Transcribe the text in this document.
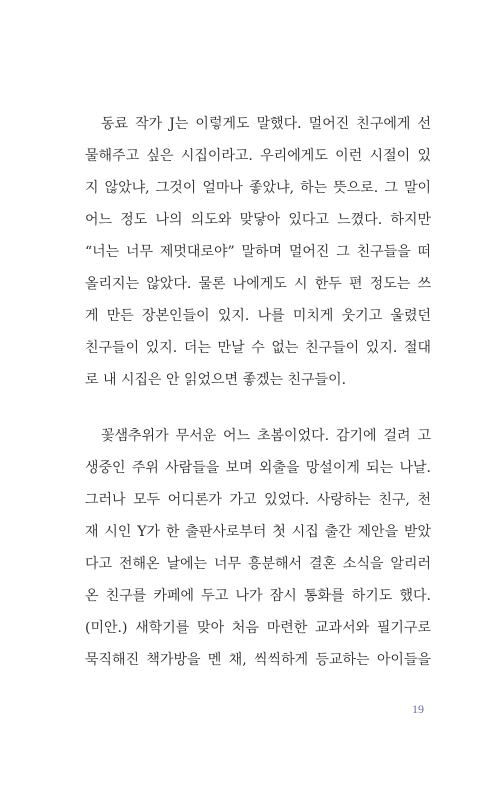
동료 작가 J는 이렇게도 말했다. 멀어진 친구에게 선
물해주고 싶은 시집이라고. 우리에게도 이런 시절이 있
지 않았냐, 그것이 얼마나 좋았냐, 하는 뜻으로. 그 말이
어느 정도 나의 의도와 맞닿아 있다고 느꼈다. 하지만
“너는 너무 제멋대로야” 말하며 멀어진 그 친구들을 떠
올리지는 않았다. 물론 나에게도 시 한두 편 정도는 쓰
게 만든 장본인들이 있지. 나를 미치게 웃기고 울렸던
친구들이 있지. 더는 만날 수 없는 친구들이 있지. 절대
로 내 시집은 안 읽었으면 좋겠는 친구들이.
꽃샘추위가 무서운 어느 초봄이었다. 감기에 걸려 고
생중인 주위 사람들을 보며 외출을 망설이게 되는 나날.
그러나 모두 어디론가 가고 있었다. 사랑하는 친구, 천
재 시인 Y가 한 출판사로부터 첫 시집 출간 제안을 받았
다고 전해온 날에는 너무 흥분해서 결혼 소식을 알리러
온 친구를 카페에 두고 나가 잠시 통화를 하기도 했다.
(미안.) 새학기를 맞아 처음 마련한 교과서와 필기구로
묵직해진 책가방을 멘 채, 씩씩하게 등교하는 아이들을
19
